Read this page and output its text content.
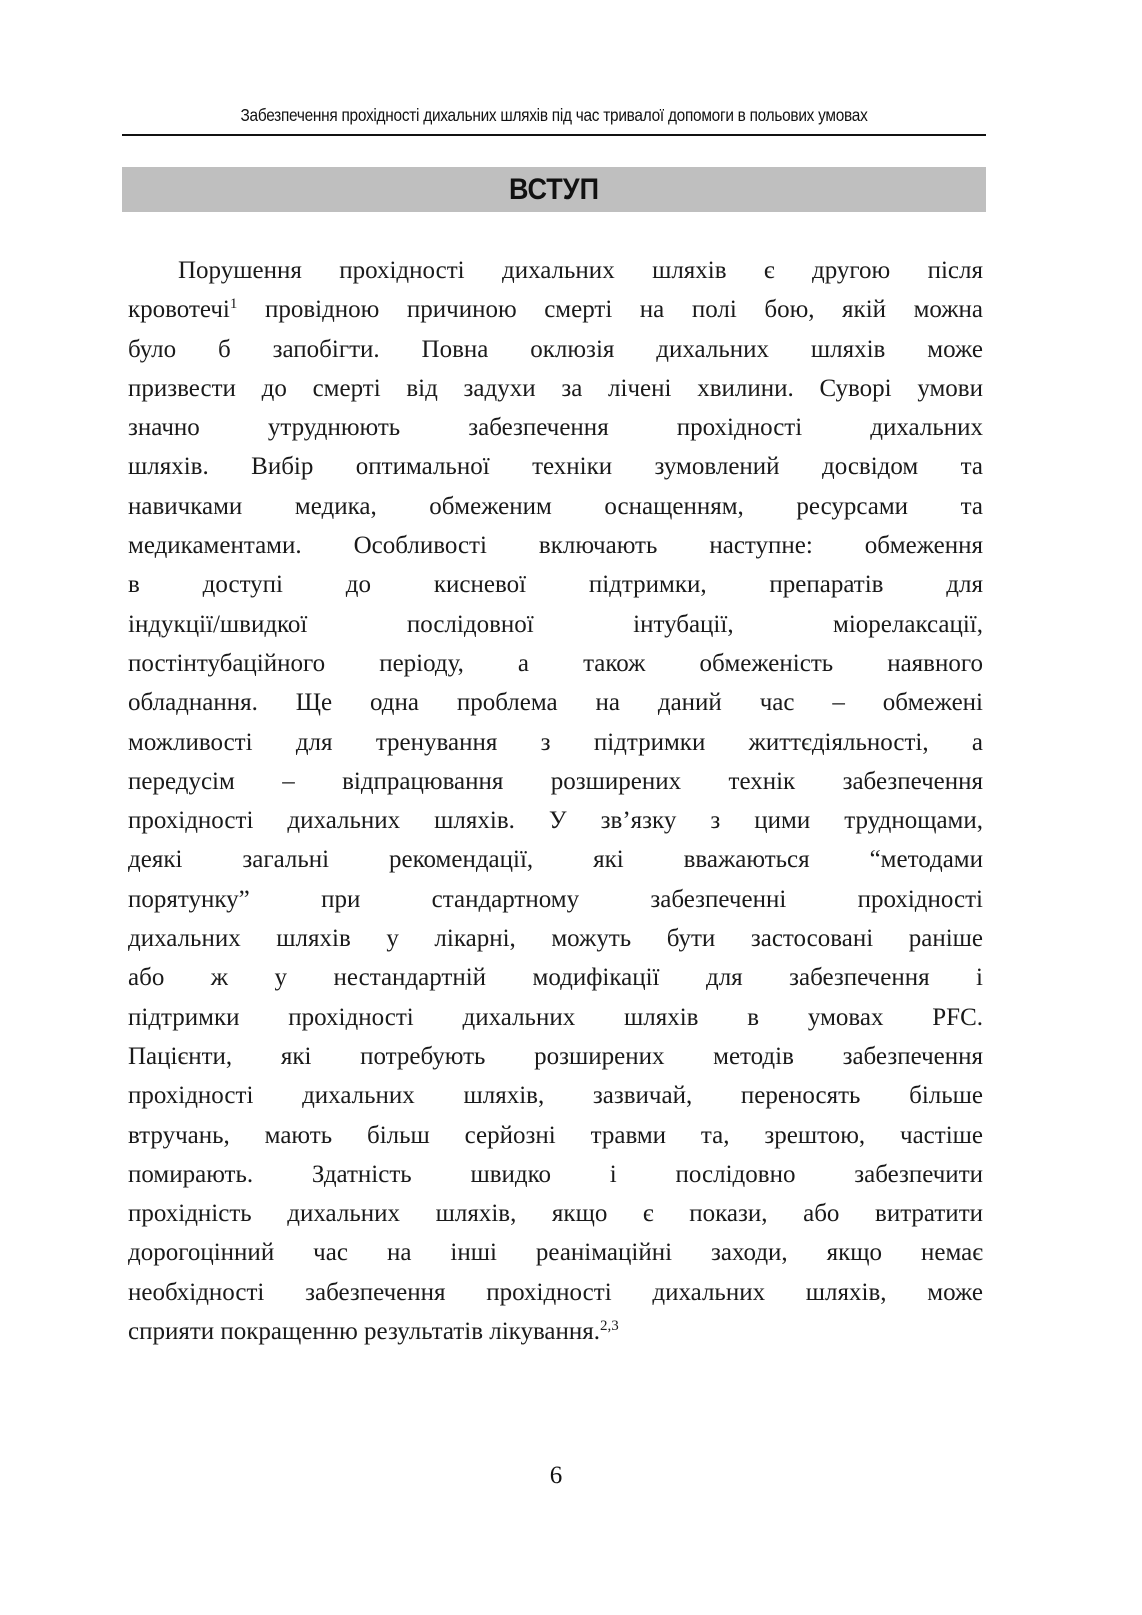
Забезпечення прохідності дихальних шляхів під час тривалої допомоги в польових умовах
ВСТУП
Порушення прохідності дихальних шляхів є другою після
кровотечі$^1$ провідною причиною смерті на полі бою, якій можна
було б запобігти. Повна оклюзія дихальних шляхів може
призвести до смерті від задухи за лічені хвилини. Суворі умови
значно утруднюють забезпечення прохідності дихальних
шляхів. Вибір оптимальної техніки зумовлений досвідом та
навичками медика, обмеженим оснащенням, ресурсами та
медикаментами. Особливості включають наступне: обмеження
в доступі до кисневої підтримки, препаратів для
індукції/швидкої послідовної інтубації, міорелаксації,
постінтубаційного періоду, а також обмеженість наявного
обладнання. Ще одна проблема на даний час – обмежені
можливості для тренування з підтримки життєдіяльності, а
передусім – відпрацювання розширених технік забезпечення
прохідності дихальних шляхів. У зв’язку з цими труднощами,
деякі загальні рекомендації, які вважаються “методами
порятунку” при стандартному забезпеченні прохідності
дихальних шляхів у лікарні, можуть бути застосовані раніше
або ж у нестандартній модифікації для забезпечення і
підтримки прохідності дихальних шляхів в умовах PFC.
Пацієнти, які потребують розширених методів забезпечення
прохідності дихальних шляхів, зазвичай, переносять більше
втручань, мають більш серйозні травми та, зрештою, частіше
помирають. Здатність швидко і послідовно забезпечити
прохідність дихальних шляхів, якщо є покази, або витратити
дорогоцінний час на інші реанімаційні заходи, якщо немає
необхідності забезпечення прохідності дихальних шляхів, може
сприяти покращенню результатів лікування.$^{2,3}$
6
